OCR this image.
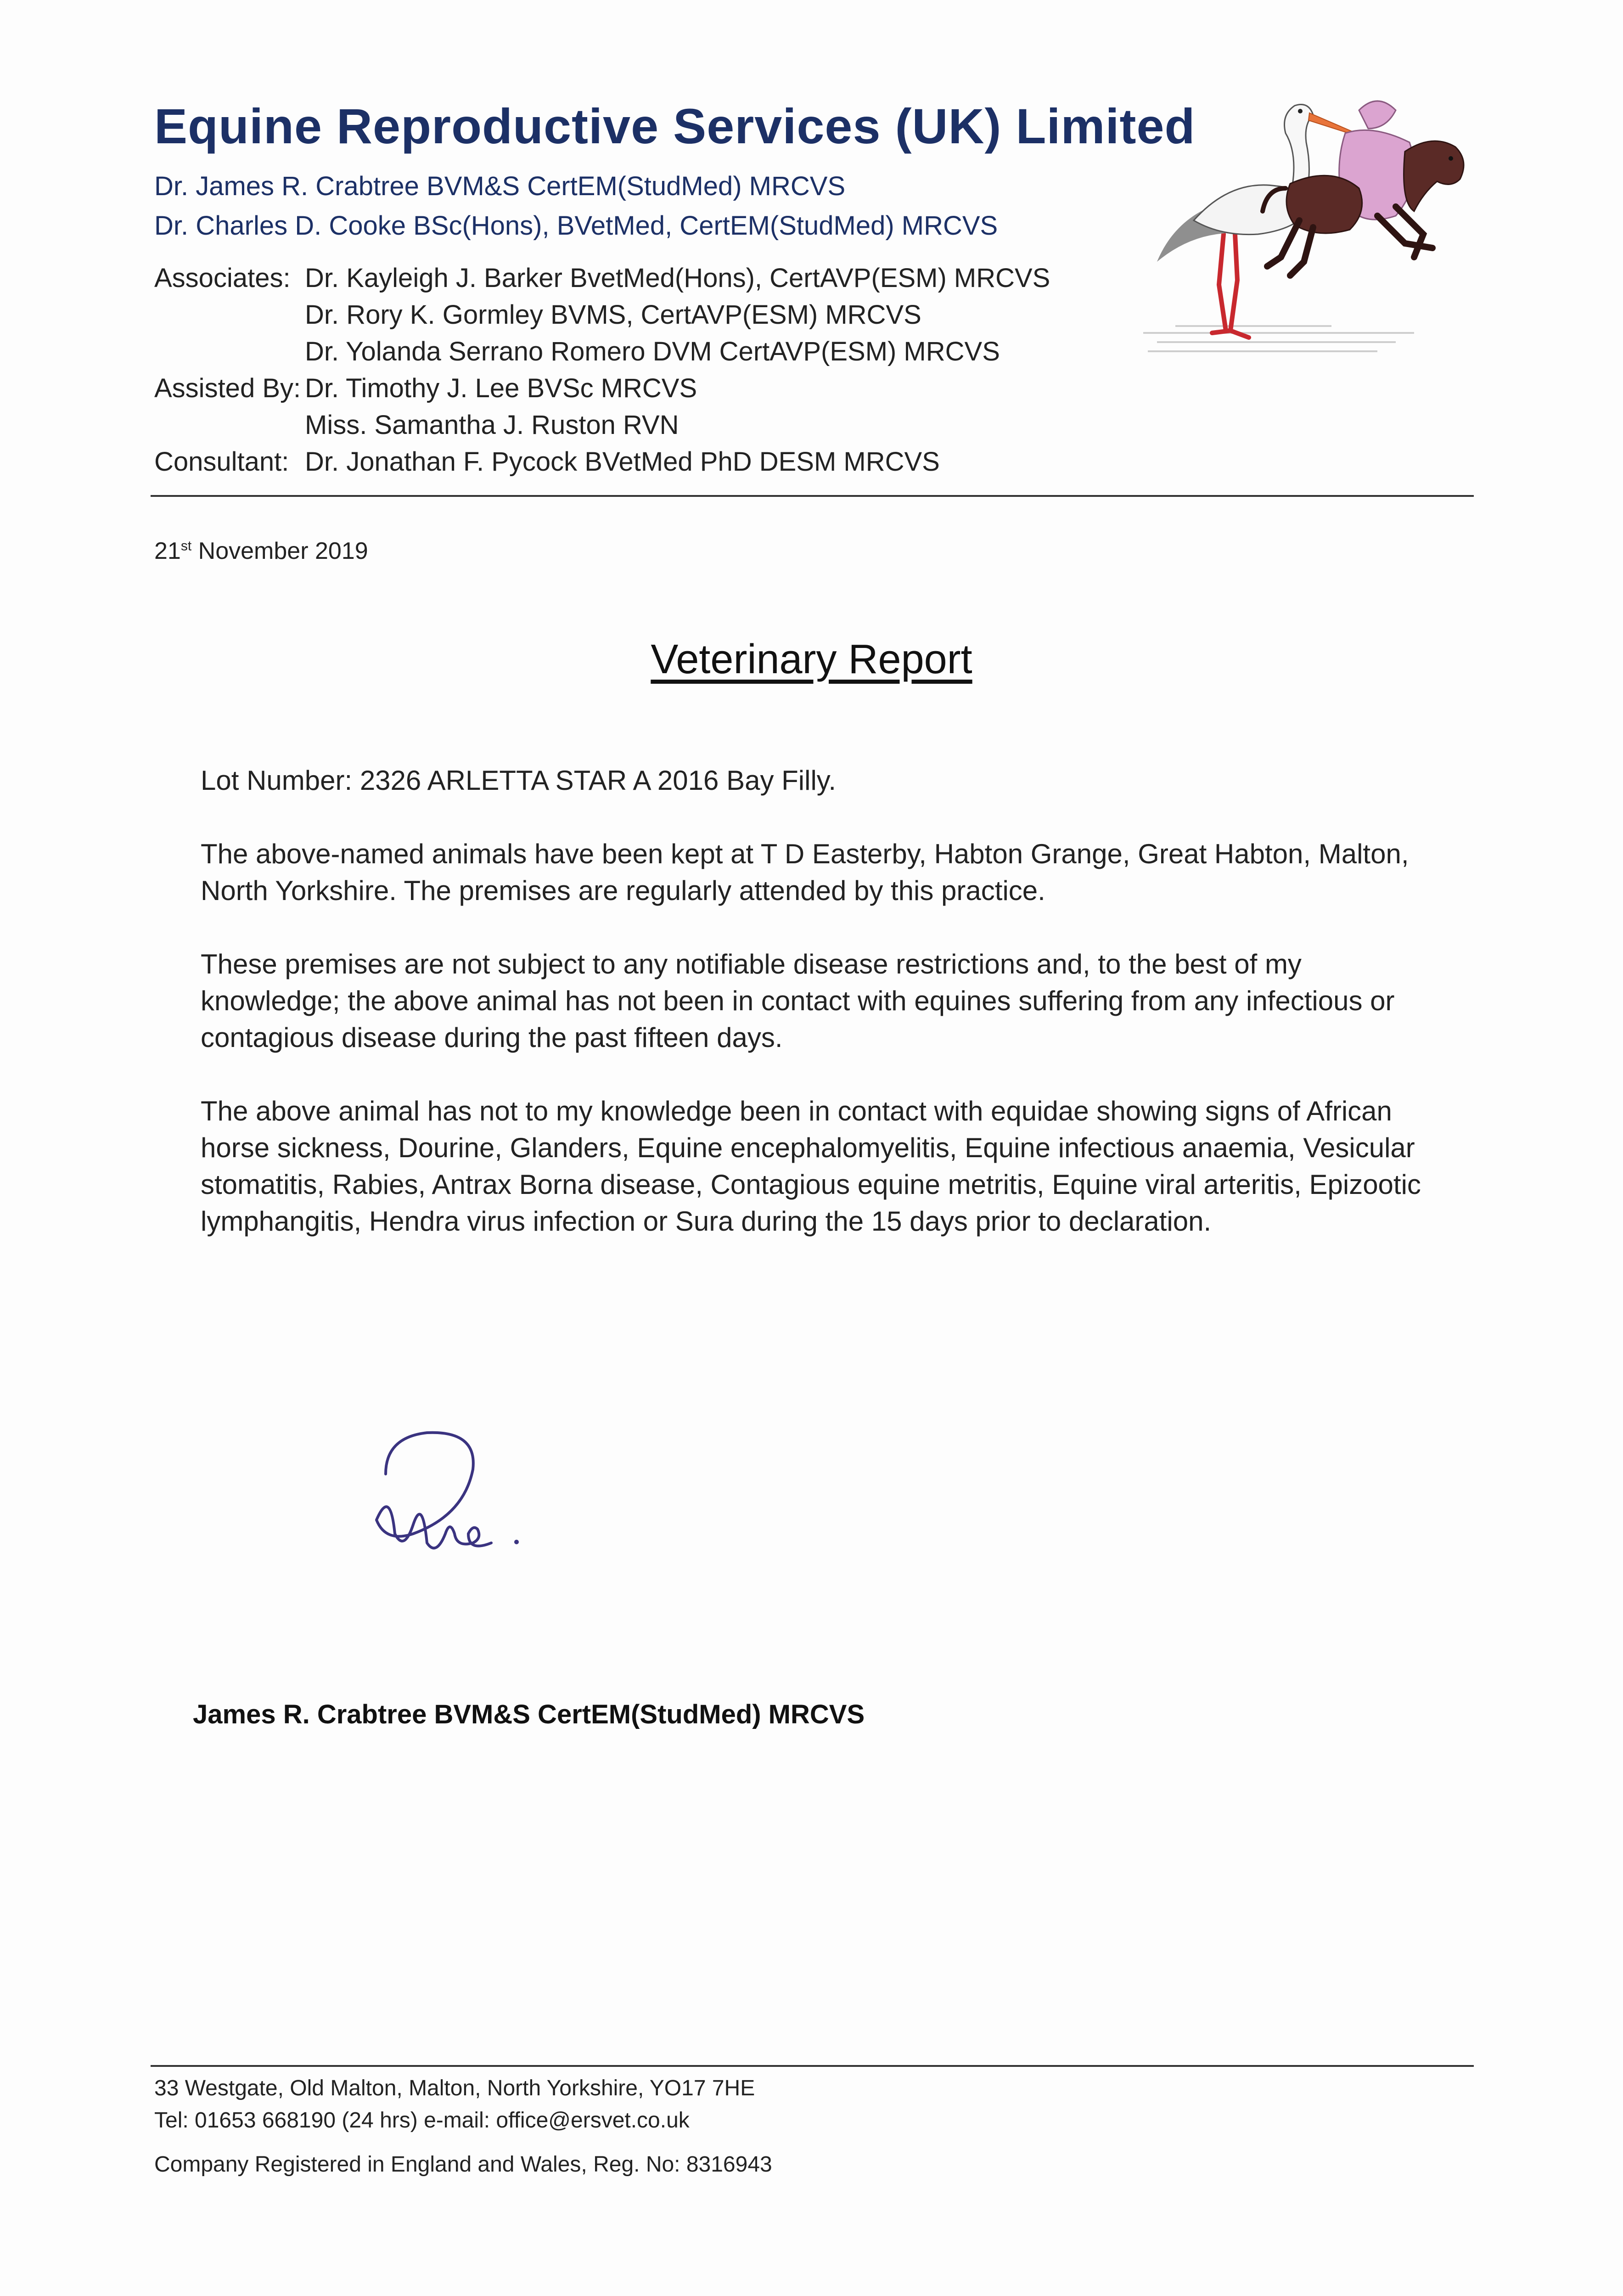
Equine Reproductive Services (UK) Limited
Dr. James R. Crabtree BVM&S CertEM(StudMed) MRCVS
Dr. Charles D. Cooke BSc(Hons), BVetMed, CertEM(StudMed) MRCVS
Associates: Dr. Kayleigh J. Barker BvetMed(Hons), CertAVP(ESM) MRCVS
Dr. Rory K. Gormley BVMS, CertAVP(ESM) MRCVS
Dr. Yolanda Serrano Romero DVM CertAVP(ESM) MRCVS
Assisted By: Dr. Timothy J. Lee BVSc MRCVS
Miss. Samantha J. Ruston RVN
Consultant: Dr. Jonathan F. Pycock BVetMed PhD DESM MRCVS
21st November 2019
Veterinary Report

Lot Number: 2326 ARLETTA STAR A 2016 Bay Filly.

The above-named animals have been kept at T D Easterby, Habton Grange, Great Habton, Malton, North Yorkshire. The premises are regularly attended by this practice.

These premises are not subject to any notifiable disease restrictions and, to the best of my knowledge; the above animal has not been in contact with equines suffering from any infectious or contagious disease during the past fifteen days.

The above animal has not to my knowledge been in contact with equidae showing signs of African horse sickness, Dourine, Glanders, Equine encephalomyelitis, Equine infectious anaemia, Vesicular stomatitis, Rabies, Antrax Borna disease, Contagious equine metritis, Equine viral arteritis, Epizootic lymphangitis, Hendra virus infection or Sura during the 15 days prior to declaration.

James R. Crabtree BVM&S CertEM(StudMed) MRCVS
33 Westgate, Old Malton, Malton, North Yorkshire, YO17 7HE
Tel: 01653 668190 (24 hrs) e-mail: office@ersvet.co.uk
Company Registered in England and Wales, Reg. No: 8316943
